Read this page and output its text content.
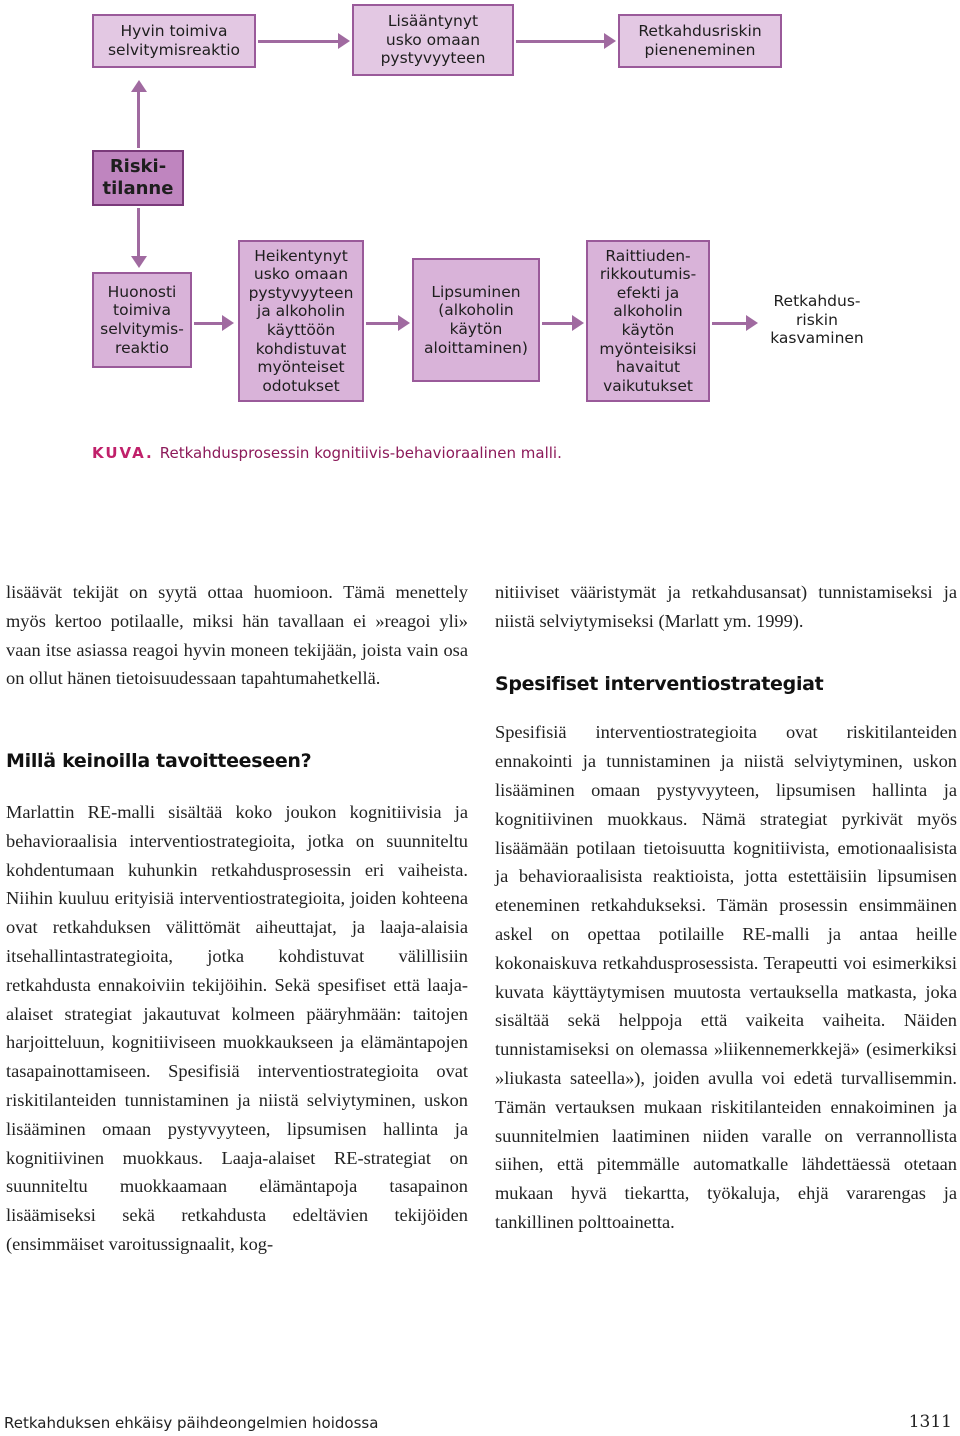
Hyvin toimiva
selvitymisreaktio
Lisääntynyt
usko omaan
pystyvyyteen
Retkahdusriskin
pieneneminen
Riski-
tilanne
Huonosti
toimiva
selvitymis-
reaktio
Heikentynyt
usko omaan
pystyvyyteen
ja alkoholin
käyttöön
kohdistuvat
myönteiset
odotukset
Lipsuminen
(alkoholin
käytön
aloittaminen)
Raittiuden-
rikkoutumis-
efekti ja
alkoholin
käytön
myönteisiksi
havaitut
vaikutukset
Retkahdus-
riskin
kasvaminen
KUVA. Retkahdusprosessin kognitiivis-behavioraalinen malli.

lisäävät tekijät on syytä ottaa huomioon. Tämä menettely myös kertoo potilaalle, miksi hän tavallaan ei »reagoi yli» vaan itse asiassa reagoi hyvin moneen tekijään, joista vain osa on ollut hänen tietoisuudessaan tapahtumahetkellä.

Millä keinoilla tavoitteeseen?

Marlattin RE-malli sisältää koko joukon kognitiivisia ja behavioraalisia interventiostrategioita, jotka on suunniteltu kohdentumaan kuhunkin retkahdusprosessin eri vaiheista. Niihin kuuluu erityisiä interventiostrategioita, joiden kohteena ovat retkahduksen välittömät aiheuttajat, ja laaja-alaisia itsehallintastrategioita, jotka kohdistuvat välillisiin retkahdusta ennakoiviin tekijöihin. Sekä spesifiset että laaja-alaiset strategiat jakautuvat kolmeen pääryhmään: taitojen harjoitteluun, kognitiiviseen muokkaukseen ja elämäntapojen tasapainottamiseen. Spesifisiä interventiostrategioita ovat riskitilanteiden tunnistaminen ja niistä selviytyminen, uskon lisääminen omaan pystyvyyteen, lipsumisen hallinta ja kognitiivinen muokkaus. Laaja-alaiset RE-strategiat on suunniteltu muokkaamaan elämäntapoja tasapainon lisäämiseksi sekä retkahdusta edeltävien tekijöiden (ensimmäiset varoitussignaalit, kog-

nitiiviset vääristymät ja retkahdusansat) tunnistamiseksi ja niistä selviytymiseksi (Marlatt ym. 1999).

Spesifiset interventiostrategiat

Spesifisiä interventiostrategioita ovat riskitilanteiden ennakointi ja tunnistaminen ja niistä selviytyminen, uskon lisääminen omaan pystyvyyteen, lipsumisen hallinta ja kognitiivinen muokkaus. Nämä strategiat pyrkivät myös lisäämään potilaan tietoisuutta kognitiivista, emotionaalisista ja behavioraalisista reaktioista, jotta estettäisiin lipsumisen eteneminen retkahdukseksi. Tämän prosessin ensimmäinen askel on opettaa potilaille RE-malli ja antaa heille kokonaiskuva retkahdusprosessista. Terapeutti voi esimerkiksi kuvata käyttäytymisen muutosta vertauksella matkasta, joka sisältää sekä helppoja että vaikeita vaiheita. Näiden tunnistamiseksi on olemassa »liikennemerkkejä» (esimerkiksi »liukasta sateella»), joiden avulla voi edetä turvallisemmin. Tämän vertauksen mukaan riskitilanteiden ennakoiminen ja suunnitelmien laatiminen niiden varalle on verrannollista siihen, että pitemmälle automatkalle lähdettäessä otetaan mukaan hyvä tiekartta, työkaluja, ehjä vararengas ja tankillinen polttoainetta.

Retkahduksen ehkäisy päihdeongelmien hoidossa	1311
